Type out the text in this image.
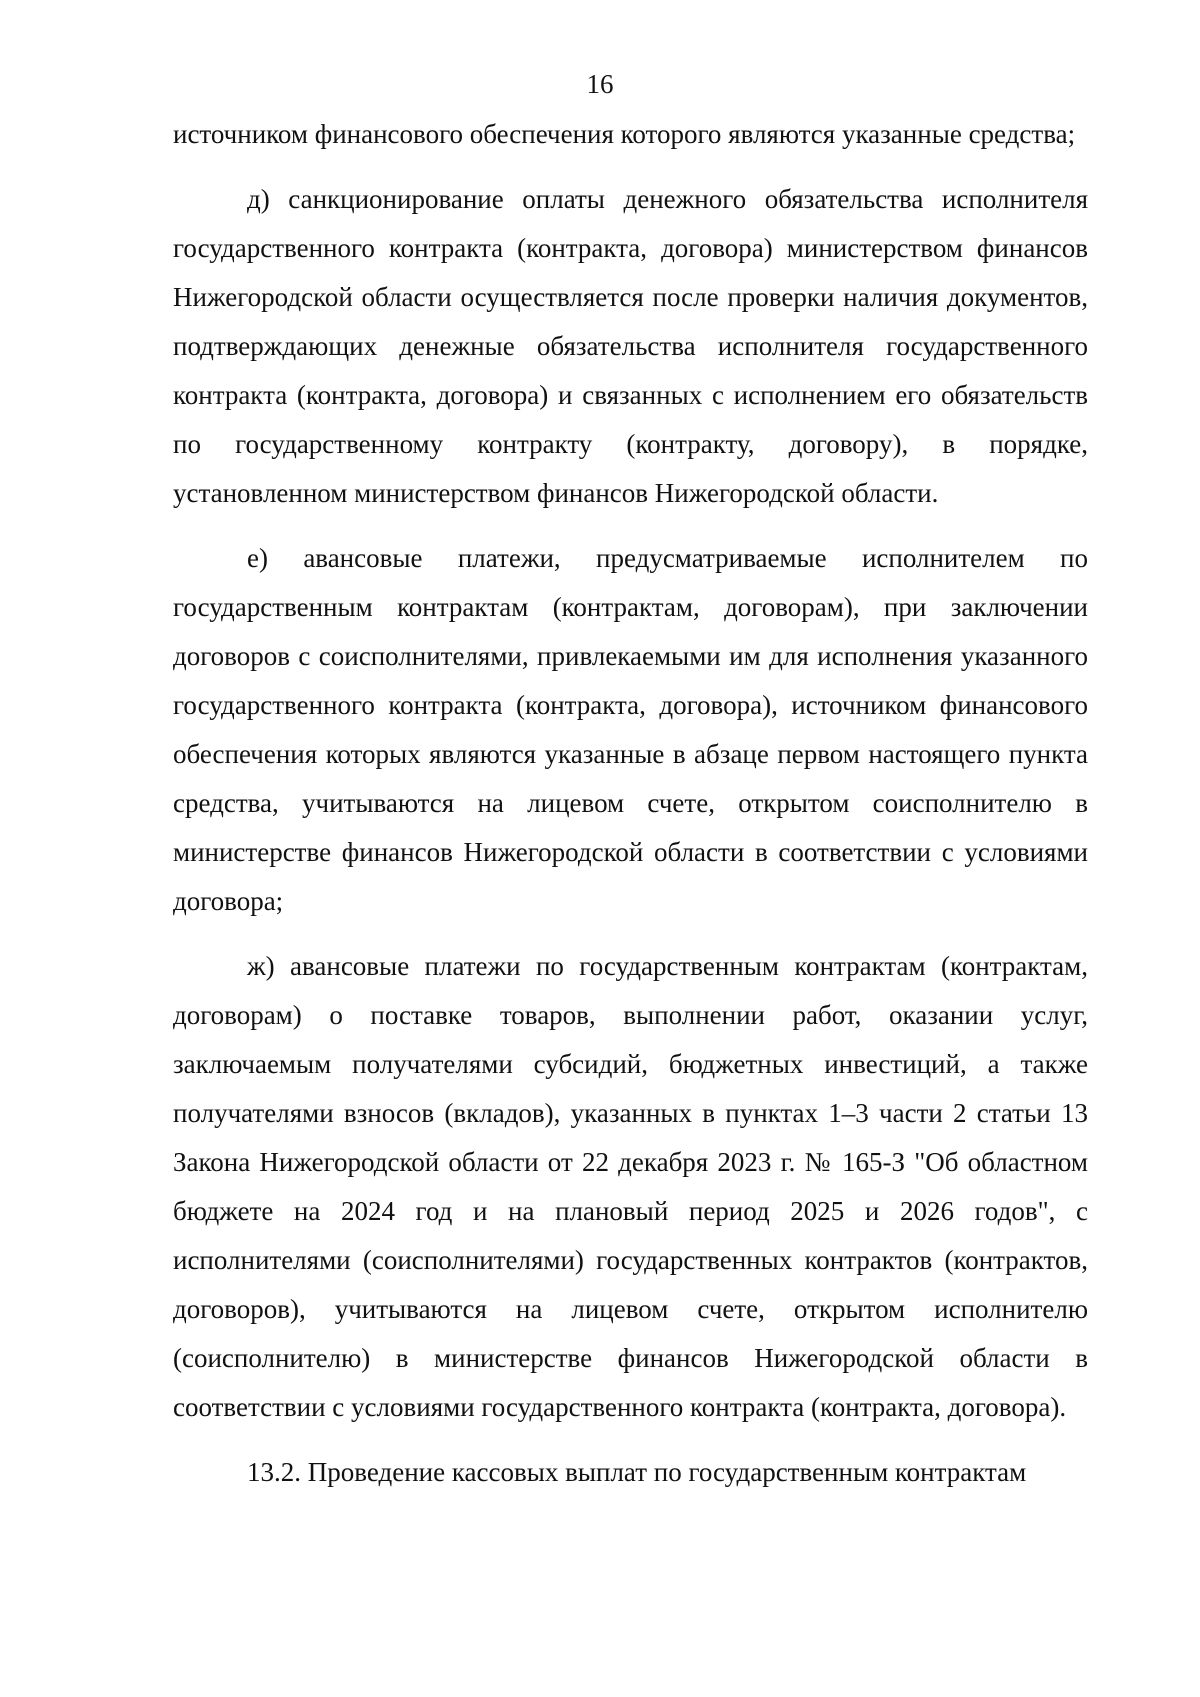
16

источником финансового обеспечения которого являются указанные средства;

д) санкционирование оплаты денежного обязательства исполнителя государственного контракта (контракта, договора) министерством финансов Нижегородской области осуществляется после проверки наличия документов, подтверждающих денежные обязательства исполнителя государственного контракта (контракта, договора) и связанных с исполнением его обязательств по государственному контракту (контракту, договору), в порядке, установленном министерством финансов Нижегородской области.

е) авансовые платежи, предусматриваемые исполнителем по государственным контрактам (контрактам, договорам), при заключении договоров с соисполнителями, привлекаемыми им для исполнения указанного государственного контракта (контракта, договора), источником финансового обеспечения которых являются указанные в абзаце первом настоящего пункта средства, учитываются на лицевом счете, открытом соисполнителю в министерстве финансов Нижегородской области в соответствии с условиями договора;

ж) авансовые платежи по государственным контрактам (контрактам, договорам) о поставке товаров, выполнении работ, оказании услуг, заключаемым получателями субсидий, бюджетных инвестиций, а также получателями взносов (вкладов), указанных в пунктах 1–3 части 2 статьи 13 Закона Нижегородской области от 22 декабря 2023 г. № 165-З "Об областном бюджете на 2024 год и на плановый период 2025 и 2026 годов", с исполнителями (соисполнителями) государственных контрактов (контрактов, договоров), учитываются на лицевом счете, открытом исполнителю (соисполнителю) в министерстве финансов Нижегородской области в соответствии с условиями государственного контракта (контракта, договора).

13.2. Проведение кассовых выплат по государственным контрактам
